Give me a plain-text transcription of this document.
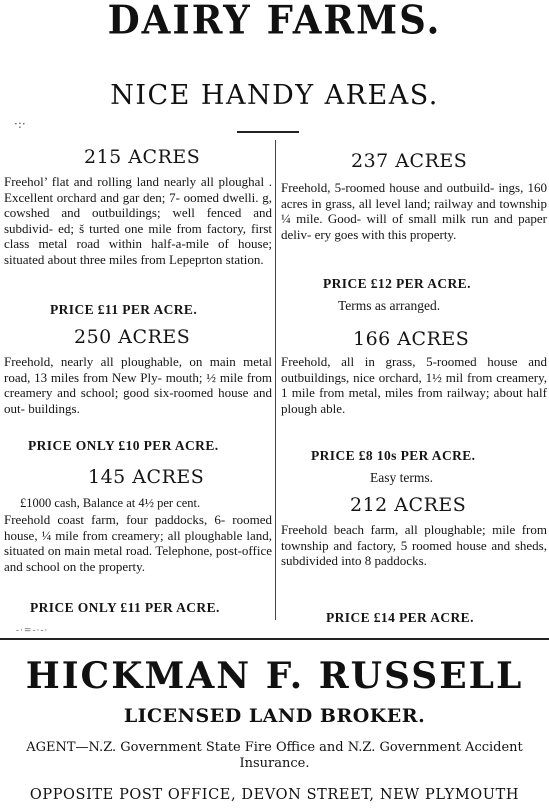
DAIRY FARMS.
NICE HANDY AREAS.
·:·
215 ACRES
Freehol’ flat and rolling land nearly all ploughal . Excellent orchard and gar den; 7- oomed dwelli. g, cowshed and outbuildings; well fenced and subdivid- ed; š turted one mile from factory, first class metal road within half-a-mile of house; situated about three miles from Lepeprton station.
PRICE £11 PER ACRE.
250 ACRES
Freehold, nearly all ploughable, on main metal road, 13 miles from New Ply- mouth; ½ mile from creamery and school; good six-roomed house and out- buildings.
PRICE ONLY £10 PER ACRE.
145 ACRES
£1000 cash, Balance at 4½ per cent.
Freehold coast farm, four paddocks, 6- roomed house, ¼ mile from creamery; all ploughable land, situated on main metal road. Telephone, post-office and school on the property.
PRICE ONLY £11 PER ACRE.
237 ACRES
Freehold, 5-roomed house and outbuild- ings, 160 acres in grass, all level land; railway and township ¼ mile. Good- will of small milk run and paper deliv- ery goes with this property.
PRICE £12 PER ACRE.
Terms as arranged.
166 ACRES
Freehold, all in grass, 5-roomed house and outbuildings, nice orchard, 1½ mil from creamery, 1 mile from metal, miles from railway; about half plough able.
PRICE £8 10s PER ACRE.
Easy terms.
212 ACRES
Freehold beach farm, all ploughable; mile from township and factory, 5 roomed house and sheds, subdivided into 8 paddocks.
PRICE £14 PER ACRE.
-·=-·-·
HICKMAN F. RUSSELL
LICENSED LAND BROKER.
AGENT—N.Z. Government State Fire Office and N.Z. Government Accident Insurance.
OPPOSITE POST OFFICE, DEVON STREET, NEW PLYMOUTH
